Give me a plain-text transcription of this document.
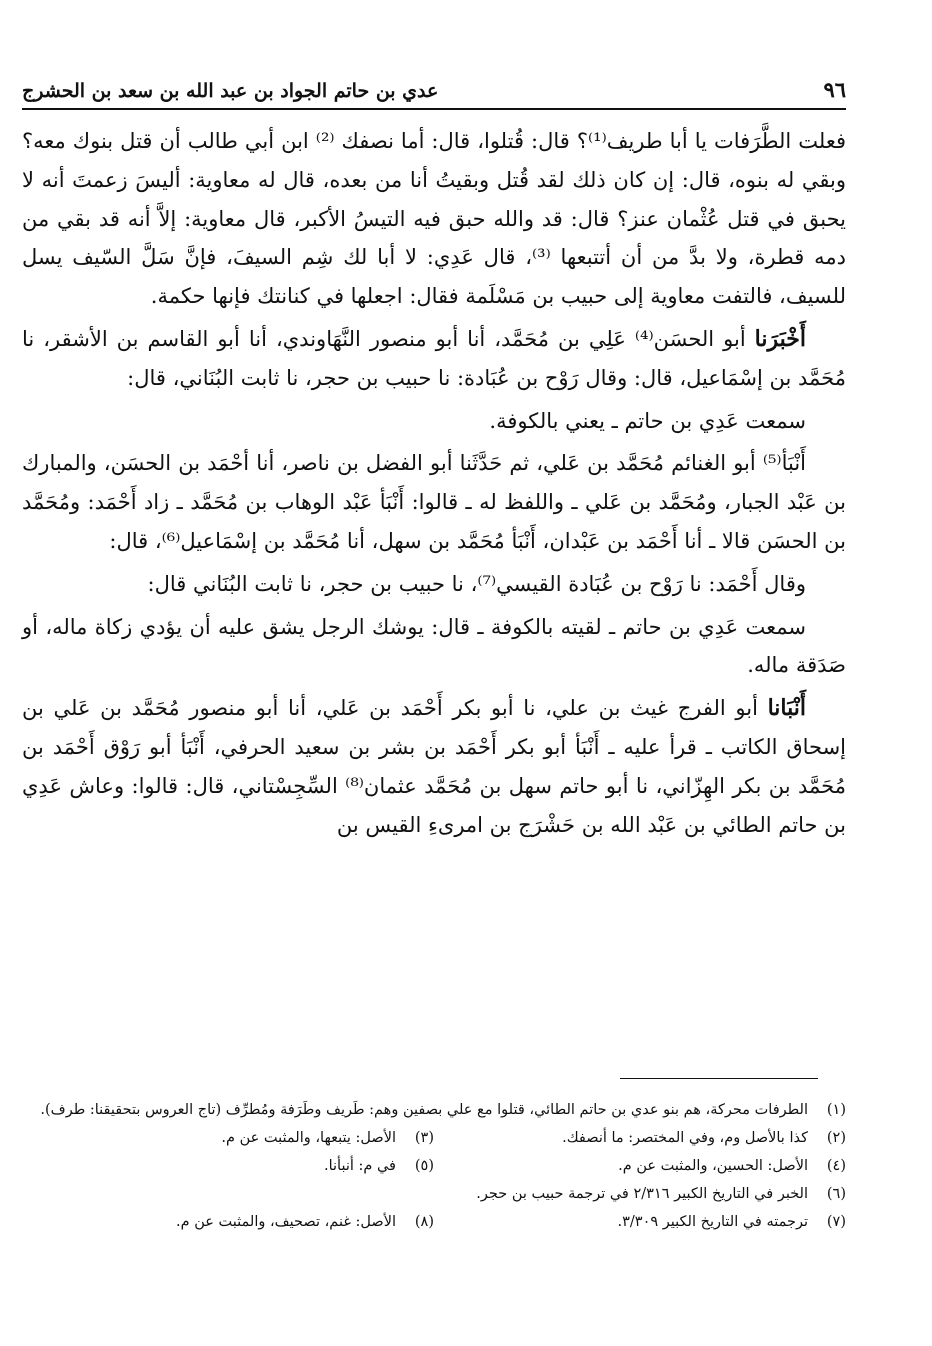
٩٦
عدي بن حاتم الجواد بن عبد الله بن سعد بن الحشرج

فعلت الطَّرَفات يا أبا طريف⁽¹⁾؟ قال: قُتلوا، قال: أما نصفك ⁽²⁾ ابن أبي طالب أن قتل بنوك معه؟ وبقي له بنوه، قال: إن كان ذلك لقد قُتل وبقيتُ أنا من بعده، قال له معاوية: أليسَ زعمتَ أنه لا يحبق في قتل عُثْمان عنز؟ قال: قد والله حبق فيه التيسُ الأكبر، قال معاوية: إلاَّ أنه قد بقي من دمه قطرة، ولا بدَّ من أن أتتبعها ⁽³⁾، قال عَدِي: لا أبا لك شِم السيفَ، فإنَّ سَلَّ السّيف يسل للسيف، فالتفت معاوية إلى حبيب بن مَسْلَمة فقال: اجعلها في كنانتك فإنها حكمة.

أَخْبَرَنا أبو الحسَن⁽⁴⁾ عَلِي بن مُحَمَّد، أنا أبو منصور النَّهَاوندي، أنا أبو القاسم بن الأشقر، نا مُحَمَّد بن إسْمَاعيل، قال: وقال رَوْح بن عُبَادة: نا حبيب بن حجر، نا ثابت البُنَاني، قال:

سمعت عَدِي بن حاتم ـ يعني بالكوفة.

أَنْبَأ⁽⁵⁾ أبو الغنائم مُحَمَّد بن عَلي، ثم حَدَّثَنا أبو الفضل بن ناصر، أنا أحْمَد بن الحسَن، والمبارك بن عَبْد الجبار، ومُحَمَّد بن عَلي ـ واللفظ له ـ قالوا: أَنْبَأ عَبْد الوهاب بن مُحَمَّد ـ زاد أَحْمَد: ومُحَمَّد بن الحسَن قالا ـ أنا أَحْمَد بن عَبْدان، أَنْبَأ مُحَمَّد بن سهل، أنا مُحَمَّد بن إسْمَاعيل⁽⁶⁾، قال:

وقال أَحْمَد: نا رَوْح بن عُبَادة القيسي⁽⁷⁾، نا حبيب بن حجر، نا ثابت البُنَاني قال:

سمعت عَدِي بن حاتم ـ لقيته بالكوفة ـ قال: يوشك الرجل يشق عليه أن يؤدي زكاة ماله، أو صَدَقة ماله.

أَنْبَانا أبو الفرج غيث بن علي، نا أبو بكر أَحْمَد بن عَلي، أنا أبو منصور مُحَمَّد بن عَلي بن إسحاق الكاتب ـ قرأ عليه ـ أَنْبَأ أبو بكر أَحْمَد بن بشر بن سعيد الحرفي، أَنْبَأ أبو رَوْق أَحْمَد بن مُحَمَّد بن بكر الهِزّاني، نا أبو حاتم سهل بن مُحَمَّد عثمان⁽⁸⁾ السِّجِسْتاني، قال: قالوا: وعاش عَدِي بن حاتم الطائي بن عَبْد الله بن حَشْرَج بن امرىءِ القيس بن

(١)
الطرفات محركة، هم بنو عدي بن حاتم الطائي، قتلوا مع علي بصفين وهم: طَريف وطَرَفة ومُطرِّف (تاج العروس بتحقيقنا: طرف).
(٢)
كذا بالأصل وم، وفي المختصر: ما أنصفك.
(٣)
الأصل: يتبعها، والمثبت عن م.
(٤)
الأصل: الحسين، والمثبت عن م.
(٥)
في م: أنبأنا.
(٦)
الخبر في التاريخ الكبير ٢/٣١٦ في ترجمة حبيب بن حجر.
(٧)
ترجمته في التاريخ الكبير ٣/٣٠٩.
(٨)
الأصل: غنم، تصحيف، والمثبت عن م.
